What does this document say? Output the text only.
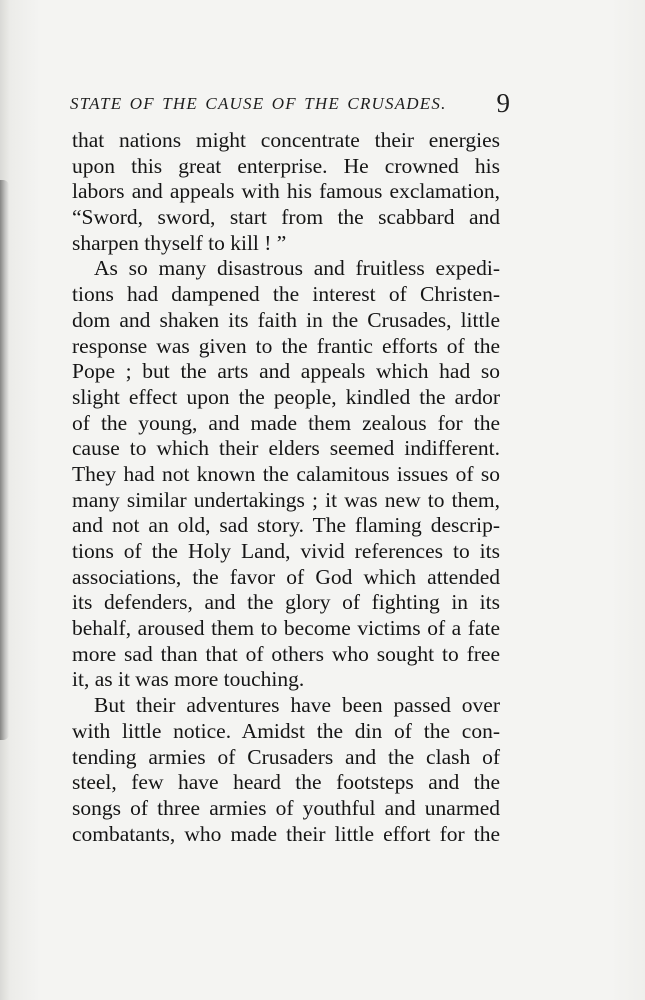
STATE OF THE CAUSE OF THE CRUSADES. 9
that nations might concentrate their energies
upon this great enterprise. He crowned his
labors and appeals with his famous exclamation,
“Sword, sword, start from the scabbard and
sharpen thyself to kill ! ”
As so many disastrous and fruitless expedi-
tions had dampened the interest of Christen-
dom and shaken its faith in the Crusades, little
response was given to the frantic efforts of the
Pope ; but the arts and appeals which had so
slight effect upon the people, kindled the ardor
of the young, and made them zealous for the
cause to which their elders seemed indifferent.
They had not known the calamitous issues of so
many similar undertakings ; it was new to them,
and not an old, sad story. The flaming descrip-
tions of the Holy Land, vivid references to its
associations, the favor of God which attended
its defenders, and the glory of fighting in its
behalf, aroused them to become victims of a fate
more sad than that of others who sought to free
it, as it was more touching.
But their adventures have been passed over
with little notice. Amidst the din of the con-
tending armies of Crusaders and the clash of
steel, few have heard the footsteps and the
songs of three armies of youthful and unarmed
combatants, who made their little effort for the
